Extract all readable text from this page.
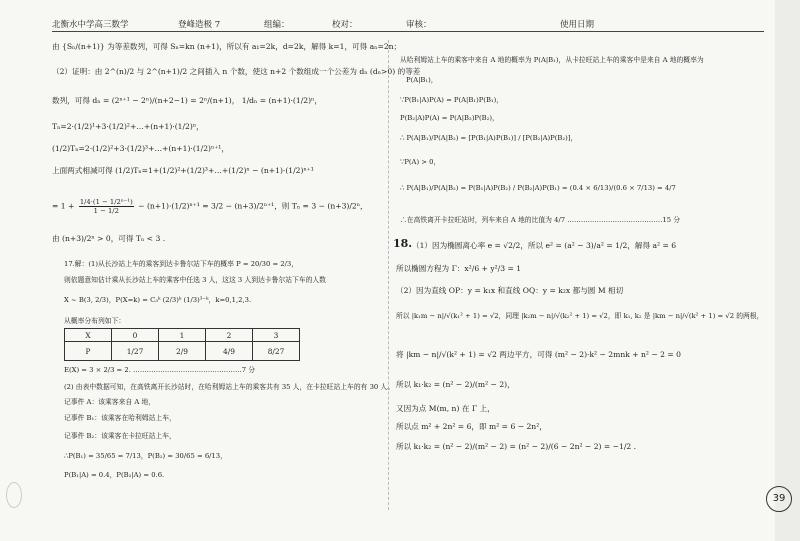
北衡水中学高三数学	登峰造极 7	组编：	校对：	审核：	使用日期
由 {Sₙ/(n+1)} 为等差数列，可得 Sₙ=kn (n+1)，所以有 a₁=2k，d=2k，解得 k=1，可得 aₙ=2n；
（2）证明：由 2^(n)/2 与 2^(n+1)/2 之间插入 n 个数，使这 n+2 个数组成一个公差为 dₙ (dₙ>0) 的等差
数列，可得 dₙ = (2ⁿ⁺¹ − 2ⁿ)/(n+2−1) = 2ⁿ/(n+1)， 1/dₙ = (n+1)·(1/2)ⁿ，
Tₙ=2·(1/2)¹+3·(1/2)²+…+(n+1)·(1/2)ⁿ，
(1/2)Tₙ=2·(1/2)²+3·(1/2)³+…+(n+1)·(1/2)ⁿ⁺¹，
上面两式相减可得 (1/2)Tₙ=1+(1/2)²+(1/2)³+…+(1/2)ⁿ − (n+1)·(1/2)ⁿ⁺¹
= $1 + \frac{\text{1/4·(1 − 1/2ⁿ⁻¹)}}{1 - 1/2} - (n+1)\cdot(1/2)^{n+1} = 3/2 - (n+3)/2^{n+1}$，则 Tₙ = 3 − (n+3)/2ⁿ，
由 (n+3)/2ⁿ > 0，可得 Tₙ < 3 .
17.解：(1)从长沙站上车的乘客到达卡鲁尔站下车的概率 P = 20/30 = 2/3，
则依题意知估计乘从长沙站上车的乘客中任选 3 人，这这 3 人到达卡鲁尔站下车的人数
X ~ B(3, 2/3)，P(X=k) = C₃ᵏ (2/3)ᵏ (1/3)³⁻ᵏ，k=0,1,2,3.
从概率分布列如下：
X	0	1	2	3
P	1/27	2/9	4/9	8/27
E(X) = 3 × 2/3 = 2. …………………………………………7 分
(2) 由表中数据可知，在高铁离开长沙站时，在哈利姆站上车的乘客共有 35 人，在卡拉旺站上车的有 30 人。
记事件 A：该乘客来自 A 地，
记事件 B₁：该乘客在哈利姆站上车，
记事件 B₂：该乘客在卡拉旺站上车，
∴P(B₁) = 35/65 = 7/13，P(B₂) = 30/65 = 6/13，
P(B₁|A) = 0.4，P(B₂|A) = 0.6.
从哈利姆站上车的乘客中来自 A 地的概率为 P(A|B₁)，从卡拉旺站上车的乘客中是来自 A 地的概率为
P(A|B₁)，
∵P(B₁|A)P(A) = P(A|B₁)P(B₁)，
P(B₂|A)P(A) = P(A|B₂)P(B₂)，
∴ P(A|B₁)/P(A|B₂) = [P(B₁|A)P(B₁)] / [P(B₂|A)P(B₂)]，
∵P(A) > 0，
∴ P(A|B₁)/P(A|B₂) = P(B₁|A)P(B₂) / P(B₂|A)P(B₁) = (0.4 × 6/13)/(0.6 × 7/13) = 4/7
∴在高铁离开卡拉旺站时，列车来自 A 地的比值为 4/7 ……………………………………15 分
18. （1）因为椭圆离心率 e = √2/2，所以 e² = (a² − 3)/a² = 1/2，解得 a² = 6
所以椭圆方程为 Γ：x²/6 + y²/3 = 1
（2）因为直线 OP：y = k₁x 和直线 OQ：y = k₂x 都与圆 M 相切
所以 |k₁m − n|/√(k₁² + 1) = √2，同理 |k₂m − n|/√(k₂² + 1) = √2，即 k₁, k₂ 是 |km − n|/√(k² + 1) = √2 的两根，
将 |km − n|/√(k² + 1) = √2 两边平方，可得 (m² − 2)·k² − 2mnk + n² − 2 = 0
所以 k₁·k₂ = (n² − 2)/(m² − 2)，
又因为点 M(m, n) 在 Γ 上，
所以点 m² + 2n² = 6，即 m² = 6 − 2n²，
所以 k₁·k₂ = (n² − 2)/(m² − 2) = (n² − 2)/(6 − 2n² − 2) = −1/2 .
39
